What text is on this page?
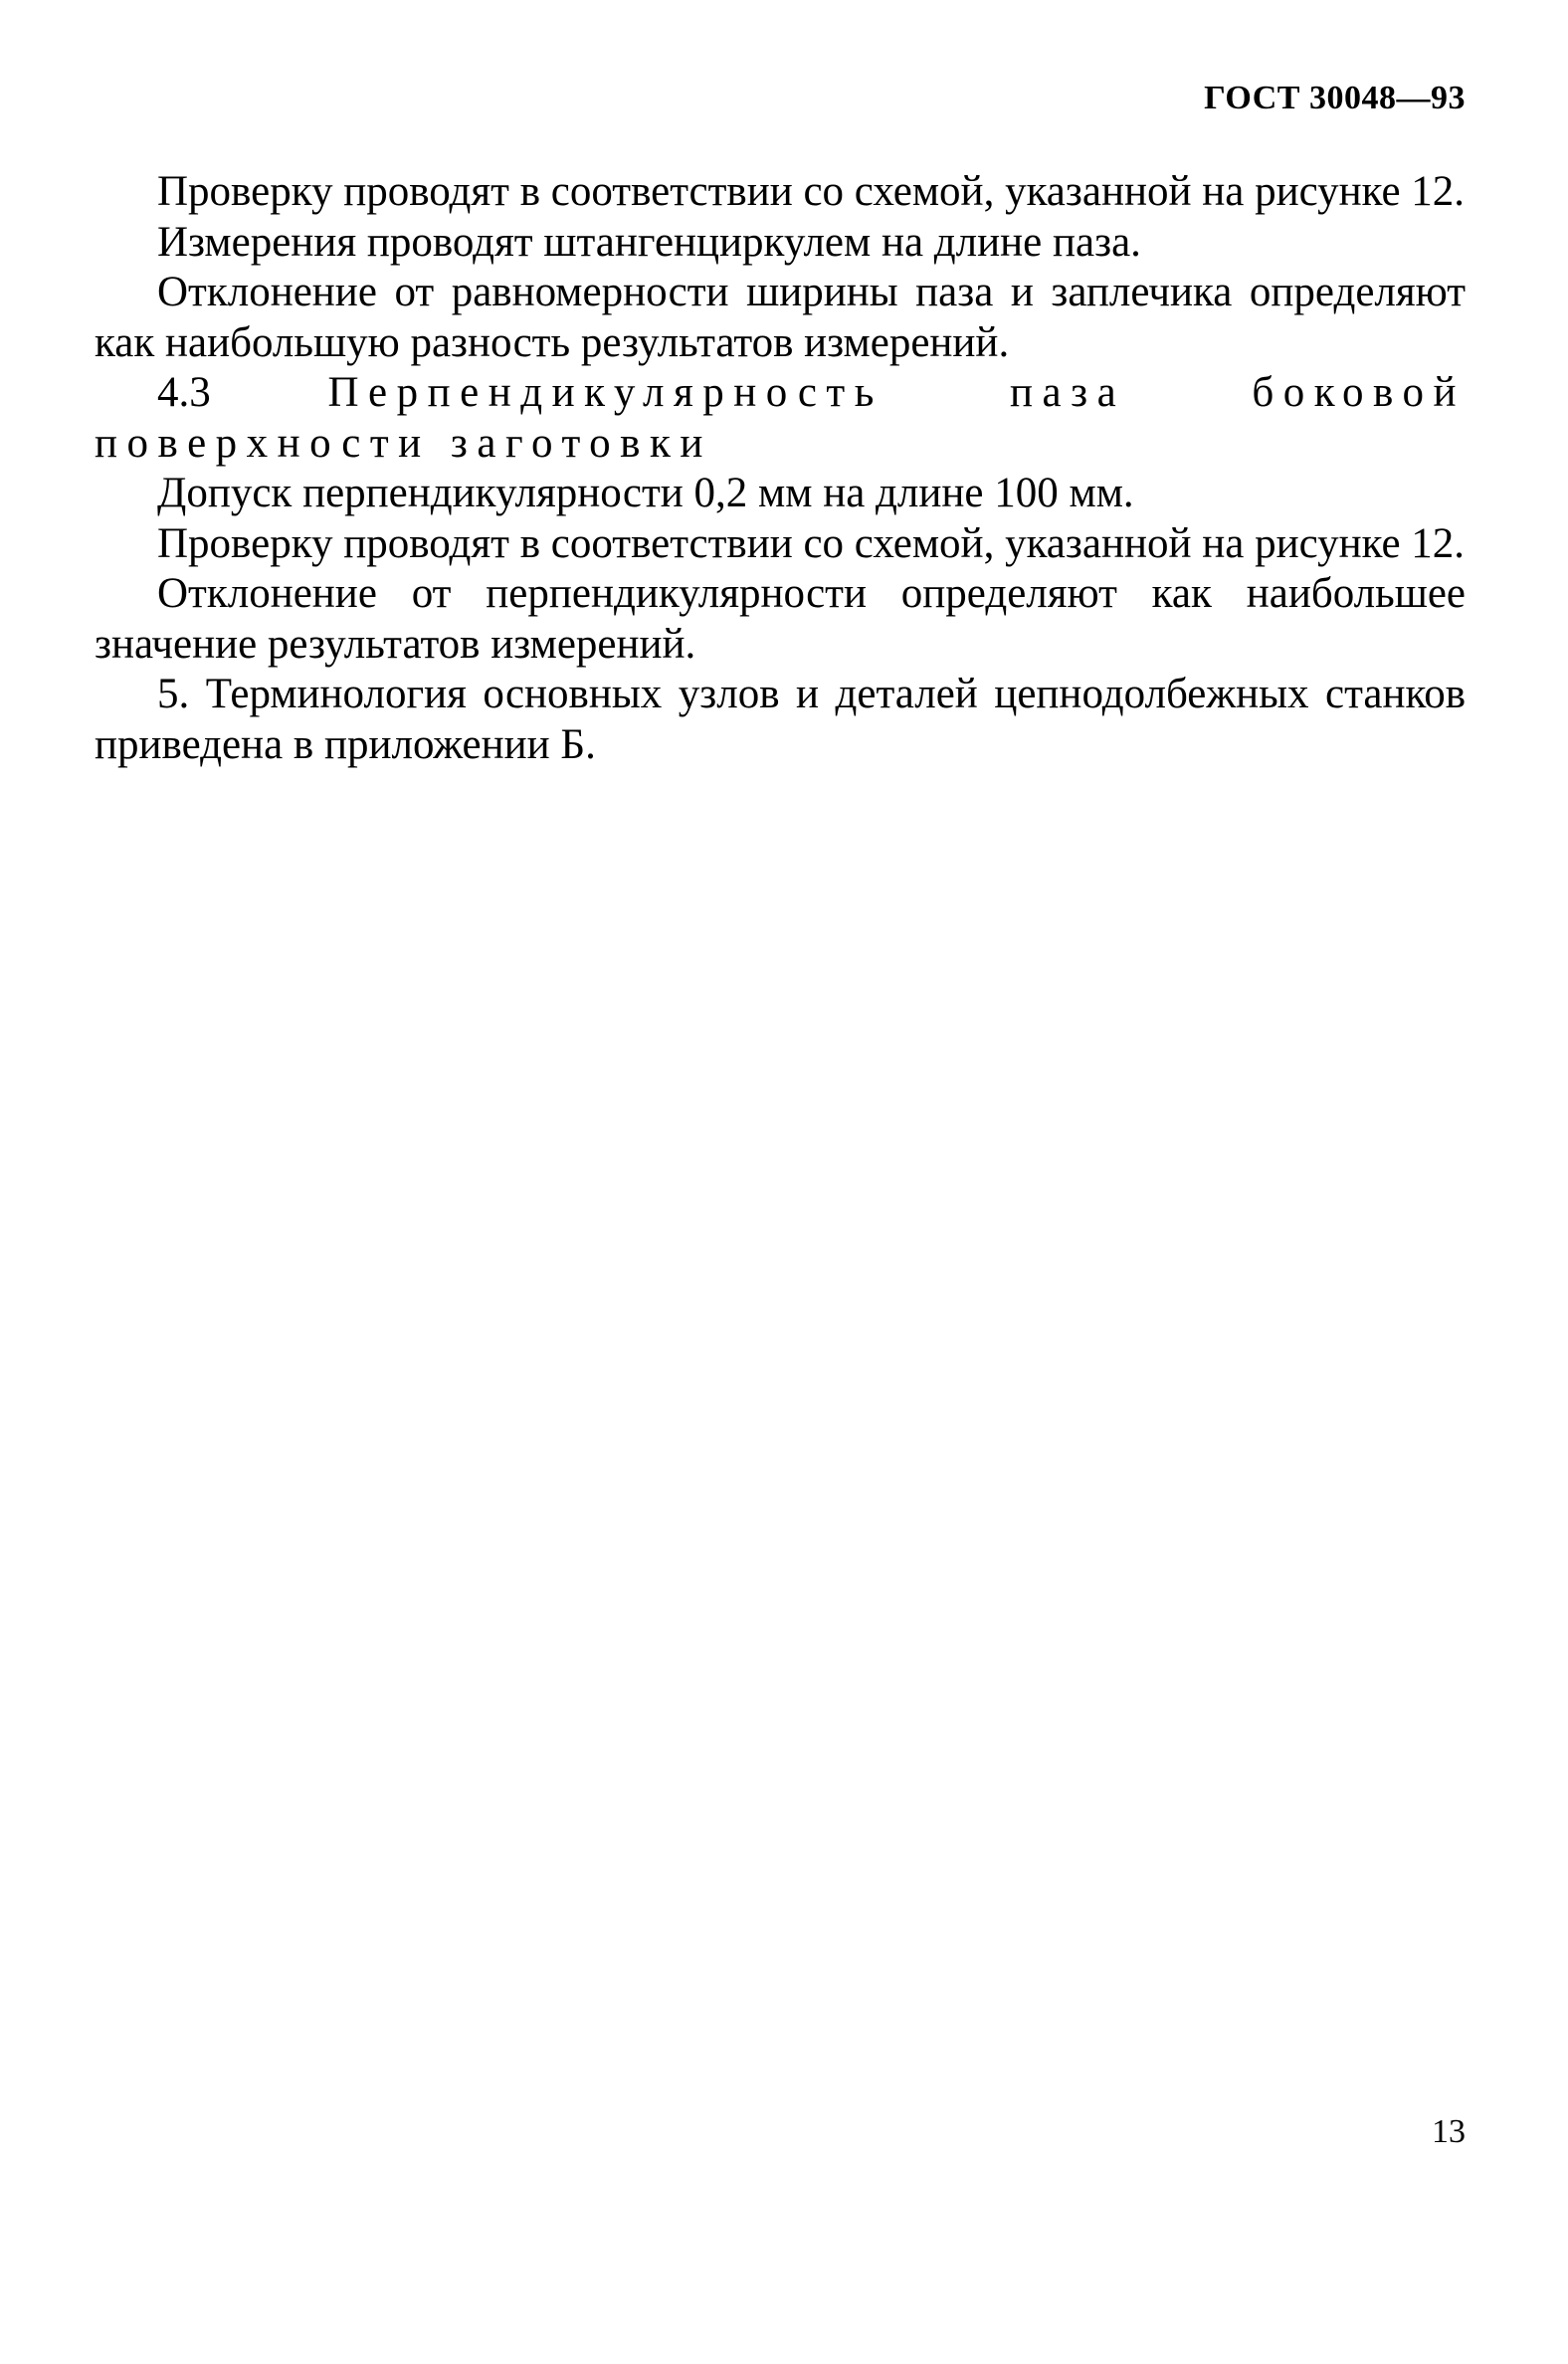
ГОСТ 30048—93

Проверку проводят в соответствии со схемой, указанной на рисунке 12.

Измерения проводят штангенциркулем на длине паза.

Отклонение от равномерности ширины паза и заплечика определяют как наибольшую разность результатов измерений.

4.3	Перпендикулярность паза боковой поверхности заготовки

Допуск перпендикулярности 0,2 мм на длине 100 мм.

Проверку проводят в соответствии со схемой, указанной на рисунке 12.

Отклонение от перпендикулярности определяют как наибольшее значение результатов измерений.

5. Терминология основных узлов и деталей цепнодолбежных станков приведена в приложении Б.

13
